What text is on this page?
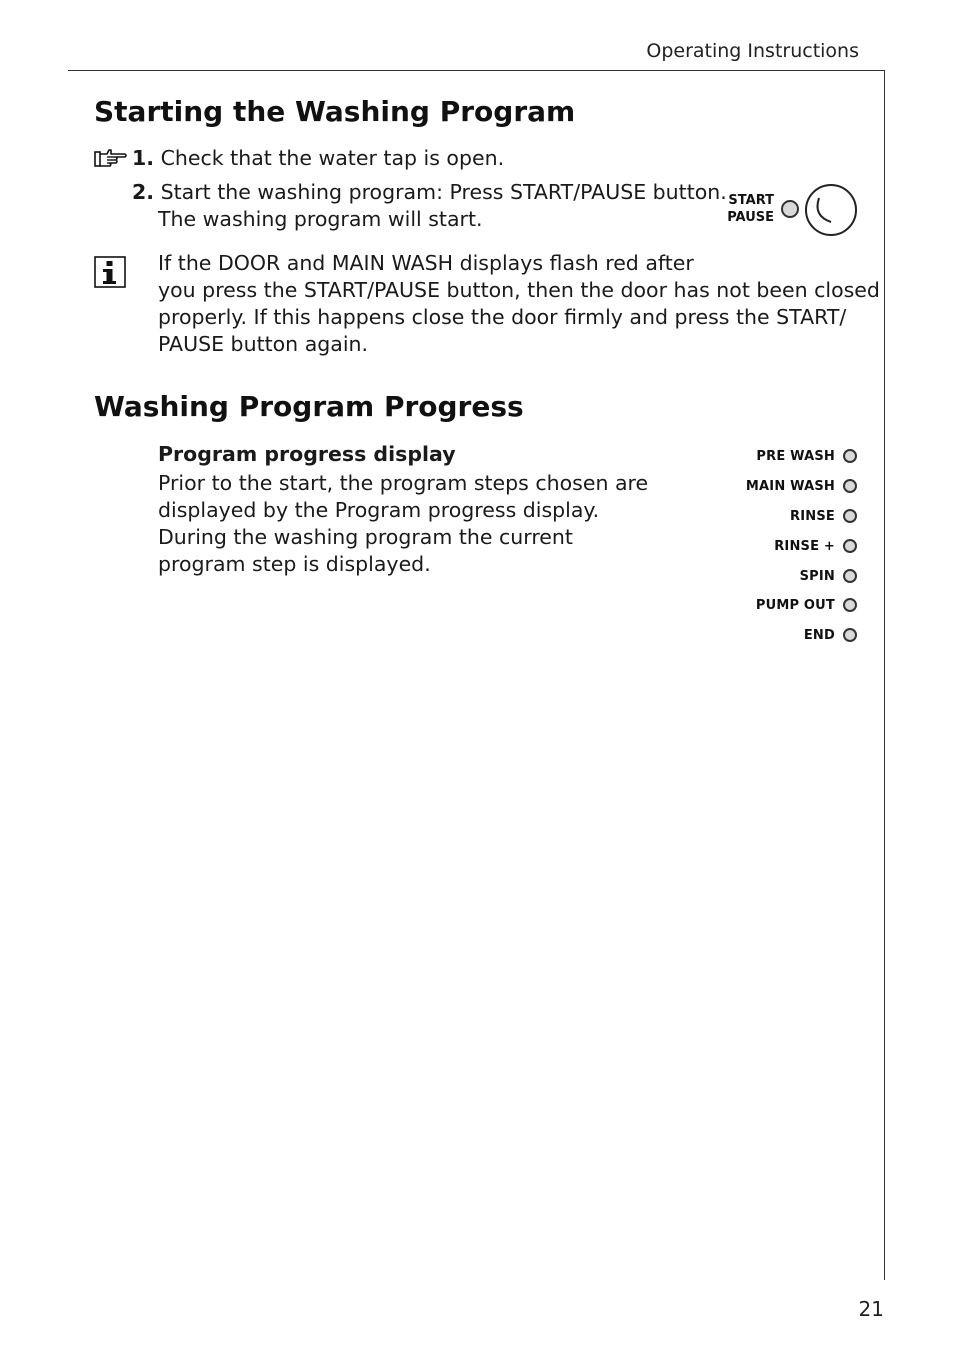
Operating Instructions
Starting the Washing Program
1. Check that the water tap is open.
2. Start the washing program: Press START/PAUSE button.
The washing program will start.
START
PAUSE
If the DOOR and MAIN WASH displays flash red after
you press the START/PAUSE button, then the door has not been closed
properly. If this happens close the door firmly and press the START/
PAUSE button again.
Washing Program Progress
Program progress display
Prior to the start, the program steps chosen are
displayed by the Program progress display.
During the washing program the current
program step is displayed.
PRE WASH
MAIN WASH
RINSE
RINSE +
SPIN
PUMP OUT
END
21
